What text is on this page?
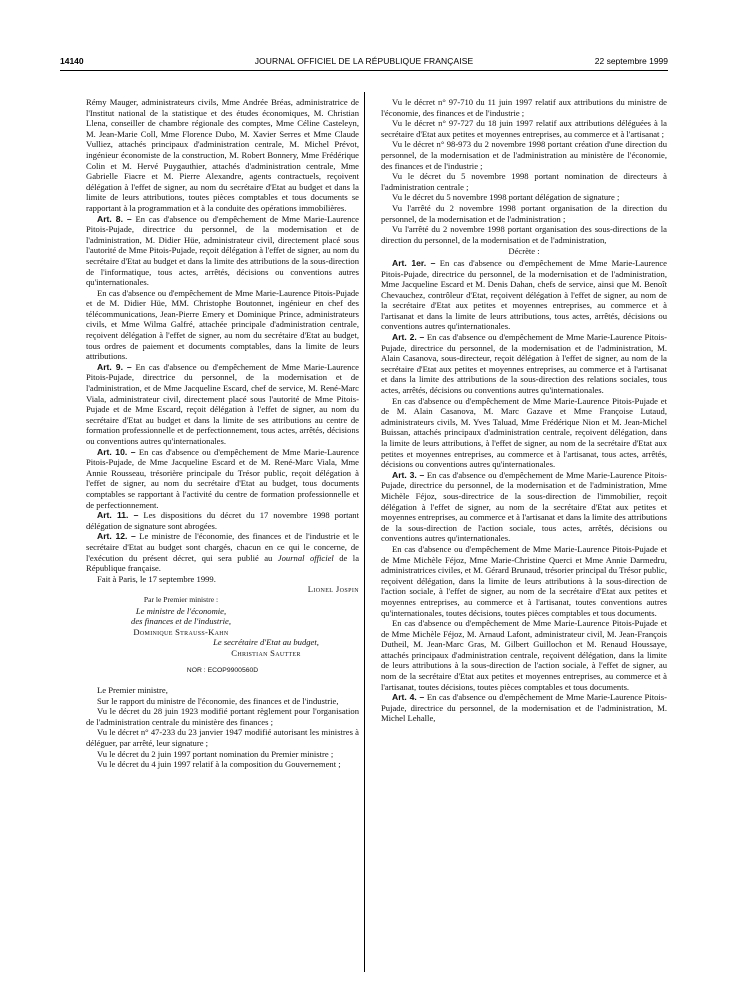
14140	JOURNAL OFFICIEL DE LA RÉPUBLIQUE FRANÇAISE	22 septembre 1999

Rémy Mauger, administrateurs civils, Mme Andrée Bréas, administratrice de l'Institut national de la statistique et des études économiques, M. Christian Llena, conseiller de chambre régionale des comptes, Mme Céline Casteleyn, M. Jean-Marie Coll, Mme Florence Dubo, M. Xavier Serres et Mme Claude Vulliez, attachés principaux d'administration centrale, M. Michel Prévot, ingénieur économiste de la construction, M. Robert Bonnery, Mme Frédérique Colin et M. Hervé Puygauthier, attachés d'administration centrale, Mme Gabrielle Fiacre et M. Pierre Alexandre, agents contractuels, reçoivent délégation à l'effet de signer, au nom du secrétaire d'Etat au budget et dans la limite de leurs attributions, toutes pièces comptables et tous documents se rapportant à la programmation et à la conduite des opérations immobilières.

Art. 8. – En cas d'absence ou d'empêchement de Mme Marie-Laurence Pitois-Pujade, directrice du personnel, de la modernisation et de l'administration, M. Didier Hüe, administrateur civil, directement placé sous l'autorité de Mme Pitois-Pujade, reçoit délégation à l'effet de signer, au nom du secrétaire d'Etat au budget et dans la limite des attributions de la sous-direction de l'informatique, tous actes, arrêtés, décisions ou conventions autres qu'internationales.

En cas d'absence ou d'empêchement de Mme Marie-Laurence Pitois-Pujade et de M. Didier Hüe, MM. Christophe Boutonnet, ingénieur en chef des télécommunications, Jean-Pierre Emery et Dominique Prince, administrateurs civils, et Mme Wilma Galfré, attachée principale d'administration centrale, reçoivent délégation à l'effet de signer, au nom du secrétaire d'Etat au budget, tous ordres de paiement et documents comptables, dans la limite de leurs attributions.

Art. 9. – En cas d'absence ou d'empêchement de Mme Marie-Laurence Pitois-Pujade, directrice du personnel, de la modernisation et de l'administration, et de Mme Jacqueline Escard, chef de service, M. René-Marc Viala, administrateur civil, directement placé sous l'autorité de Mme Pitois-Pujade et de Mme Escard, reçoit délégation à l'effet de signer, au nom du secrétaire d'Etat au budget et dans la limite de ses attributions au centre de formation professionnelle et de perfectionnement, tous actes, arrêtés, décisions ou conventions autres qu'internationales.

Art. 10. – En cas d'absence ou d'empêchement de Mme Marie-Laurence Pitois-Pujade, de Mme Jacqueline Escard et de M. René-Marc Viala, Mme Annie Rousseau, trésorière principale du Trésor public, reçoit délégation à l'effet de signer, au nom du secrétaire d'Etat au budget, tous documents comptables se rapportant à l'activité du centre de formation professionnelle et de perfectionnement.

Art. 11. – Les dispositions du décret du 17 novembre 1998 portant délégation de signature sont abrogées.

Art. 12. – Le ministre de l'économie, des finances et de l'industrie et le secrétaire d'Etat au budget sont chargés, chacun en ce qui le concerne, de l'exécution du présent décret, qui sera publié au Journal officiel de la République française.

Fait à Paris, le 17 septembre 1999.

Lionel Jospin

Par le Premier ministre :

Le ministre de l'économie,

des finances et de l'industrie,

Dominique Strauss-Kahn

Le secrétaire d'Etat au budget,

Christian Sautter

NOR : ECOP9900560D

Le Premier ministre,

Sur le rapport du ministre de l'économie, des finances et de l'industrie,

Vu le décret du 28 juin 1923 modifié portant règlement pour l'organisation de l'administration centrale du ministère des finances ;

Vu le décret n° 47-233 du 23 janvier 1947 modifié autorisant les ministres à déléguer, par arrêté, leur signature ;

Vu le décret du 2 juin 1997 portant nomination du Premier ministre ;

Vu le décret du 4 juin 1997 relatif à la composition du Gouvernement ;

Vu le décret n° 97-710 du 11 juin 1997 relatif aux attributions du ministre de l'économie, des finances et de l'industrie ;

Vu le décret n° 97-727 du 18 juin 1997 relatif aux attributions déléguées à la secrétaire d'Etat aux petites et moyennes entreprises, au commerce et à l'artisanat ;

Vu le décret n° 98-973 du 2 novembre 1998 portant création d'une direction du personnel, de la modernisation et de l'administration au ministère de l'économie, des finances et de l'industrie ;

Vu le décret du 5 novembre 1998 portant nomination de directeurs à l'administration centrale ;

Vu le décret du 5 novembre 1998 portant délégation de signature ;

Vu l'arrêté du 2 novembre 1998 portant organisation de la direction du personnel, de la modernisation et de l'administration ;

Vu l'arrêté du 2 novembre 1998 portant organisation des sous-directions de la direction du personnel, de la modernisation et de l'administration,

Décrète :

Art. 1er. – En cas d'absence ou d'empêchement de Mme Marie-Laurence Pitois-Pujade, directrice du personnel, de la modernisation et de l'administration, Mme Jacqueline Escard et M. Denis Dahan, chefs de service, ainsi que M. Benoît Chevauchez, contrôleur d'Etat, reçoivent délégation à l'effet de signer, au nom de la secrétaire d'Etat aux petites et moyennes entreprises, au commerce et à l'artisanat et dans la limite de leurs attributions, tous actes, arrêtés, décisions ou conventions autres qu'internationales.

Art. 2. – En cas d'absence ou d'empêchement de Mme Marie-Laurence Pitois-Pujade, directrice du personnel, de la modernisation et de l'administration, M. Alain Casanova, sous-directeur, reçoit délégation à l'effet de signer, au nom de la secrétaire d'Etat aux petites et moyennes entreprises, au commerce et à l'artisanat et dans la limite des attributions de la sous-direction des relations sociales, tous actes, arrêtés, décisions ou conventions autres qu'internationales.

En cas d'absence ou d'empêchement de Mme Marie-Laurence Pitois-Pujade et de M. Alain Casanova, M. Marc Gazave et Mme Françoise Lutaud, administrateurs civils, M. Yves Taluad, Mme Frédérique Nion et M. Jean-Michel Buissan, attachés principaux d'administration centrale, reçoivent délégation, dans la limite de leurs attributions, à l'effet de signer, au nom de la secrétaire d'Etat aux petites et moyennes entreprises, au commerce et à l'artisanat, tous actes, arrêtés, décisions ou conventions autres qu'internationales.

Art. 3. – En cas d'absence ou d'empêchement de Mme Marie-Laurence Pitois-Pujade, directrice du personnel, de la modernisation et de l'administration, Mme Michèle Féjoz, sous-directrice de la sous-direction de l'immobilier, reçoit délégation à l'effet de signer, au nom de la secrétaire d'Etat aux petites et moyennes entreprises, au commerce et à l'artisanat et dans la limite des attributions de la sous-direction de l'action sociale, tous actes, arrêtés, décisions ou conventions autres qu'internationales.

En cas d'absence ou d'empêchement de Mme Marie-Laurence Pitois-Pujade et de Mme Michèle Féjoz, Mme Marie-Christine Querci et Mme Annie Darmedru, administratrices civiles, et M. Gérard Brunaud, trésorier principal du Trésor public, reçoivent délégation, dans la limite de leurs attributions à la sous-direction de l'action sociale, à l'effet de signer, au nom de la secrétaire d'Etat aux petites et moyennes entreprises, au commerce et à l'artisanat, toutes conventions autres qu'internationales, toutes décisions, toutes pièces comptables et tous documents.

En cas d'absence ou d'empêchement de Mme Marie-Laurence Pitois-Pujade et de Mme Michèle Féjoz, M. Arnaud Lafont, administrateur civil, M. Jean-François Dutheil, M. Jean-Marc Gras, M. Gilbert Guillochon et M. Renaud Houssaye, attachés principaux d'administration centrale, reçoivent délégation, dans la limite de leurs attributions à la sous-direction de l'action sociale, à l'effet de signer, au nom de la secrétaire d'Etat aux petites et moyennes entreprises, au commerce et à l'artisanat, toutes décisions, toutes pièces comptables et tous documents.

Art. 4. – En cas d'absence ou d'empêchement de Mme Marie-Laurence Pitois-Pujade, directrice du personnel, de la modernisation et de l'administration, M. Michel Lehalle,
